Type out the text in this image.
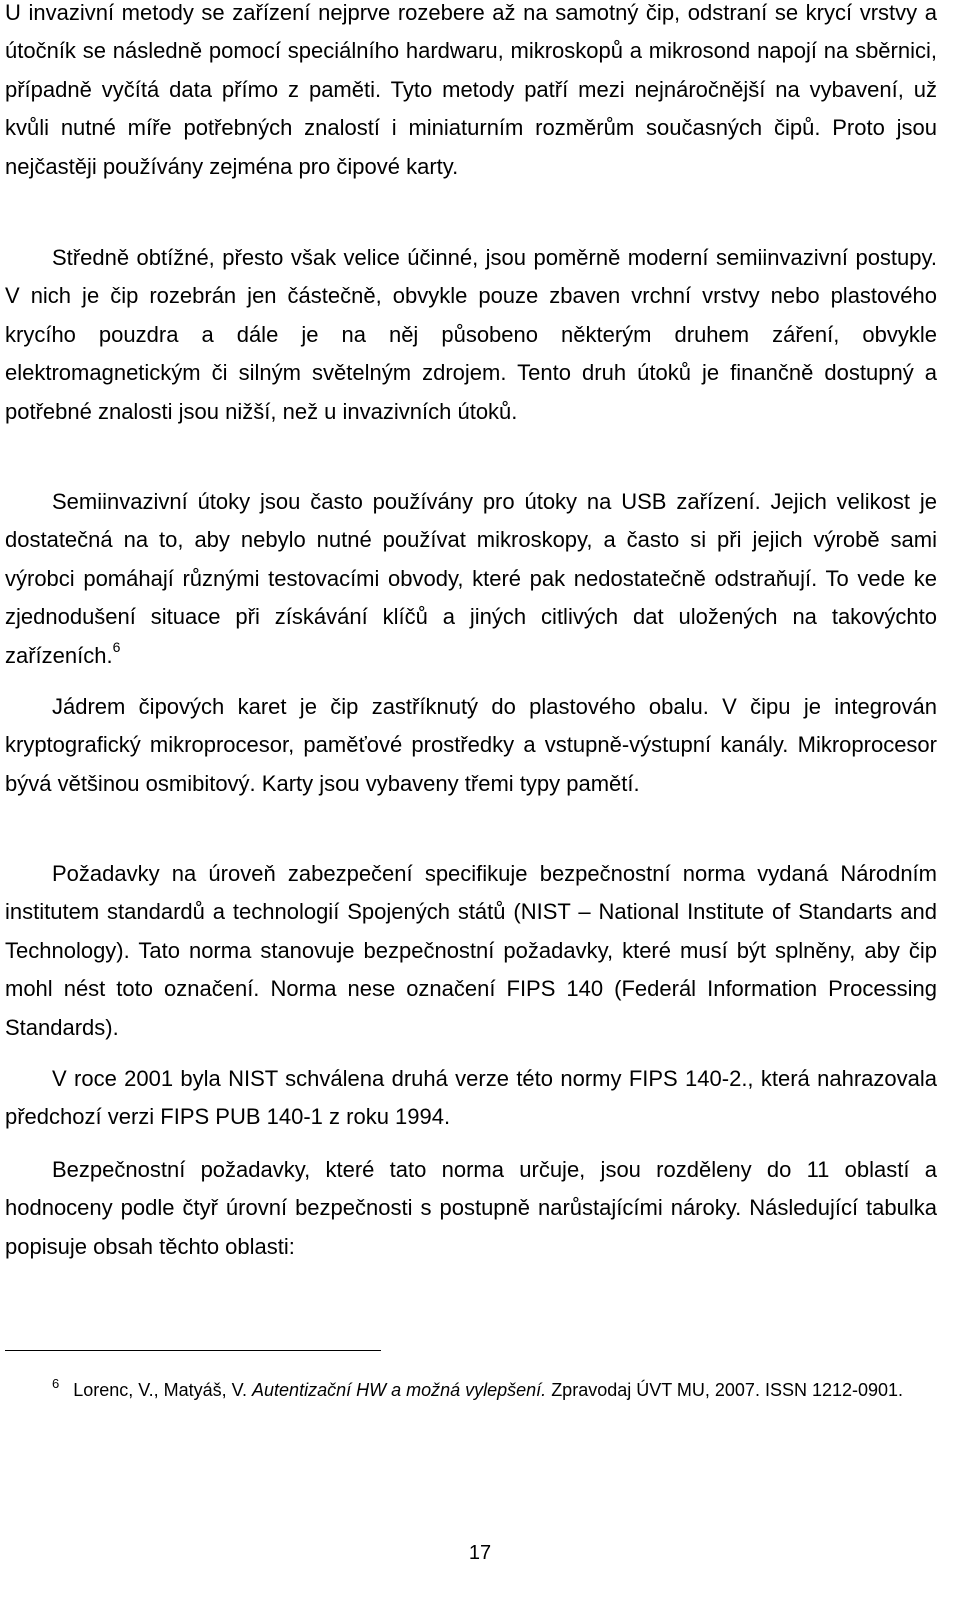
U invazivní metody se zařízení nejprve rozebere až na samotný čip, odstraní se krycí vrstvy a útočník se následně pomocí speciálního hardwaru, mikroskopů a mikrosond napojí na sběrnici, případně vyčítá data přímo z paměti. Tyto metody patří mezi nejnáročnější na vybavení, už kvůli nutné míře potřebných znalostí i miniaturním rozměrům současných čipů. Proto jsou nejčastěji používány zejména pro čipové karty.

Středně obtížné, přesto však velice účinné, jsou poměrně moderní semiinvazivní postupy. V nich je čip rozebrán jen částečně, obvykle pouze zbaven vrchní vrstvy nebo plastového krycího pouzdra a dále je na něj působeno některým druhem záření, obvykle elektromagnetickým či silným světelným zdrojem. Tento druh útoků je finančně dostupný a potřebné znalosti jsou nižší, než u invazivních útoků.

Semiinvazivní útoky jsou často používány pro útoky na USB zařízení. Jejich velikost je dostatečná na to, aby nebylo nutné používat mikroskopy, a často si při jejich výrobě sami výrobci pomáhají různými testovacími obvody, které pak nedostatečně odstraňují. To vede ke zjednodušení situace při získávání klíčů a jiných citlivých dat uložených na takovýchto zařízeních.$^6$

Jádrem čipových karet je čip zastříknutý do plastového obalu. V čipu je integrován kryptografický mikroprocesor, paměťové prostředky a vstupně-výstupní kanály. Mikroprocesor bývá většinou osmibitový. Karty jsou vybaveny třemi typy pamětí.

Požadavky na úroveň zabezpečení specifikuje bezpečnostní norma vydaná Národním institutem standardů a technologií Spojených států (NIST – National Institute of Standarts and Technology). Tato norma stanovuje bezpečnostní požadavky, které musí být splněny, aby čip mohl nést toto označení. Norma nese označení FIPS 140 (Federál Information Processing Standards).

V roce 2001 byla NIST schválena druhá verze této normy FIPS 140-2., která nahrazovala předchozí verzi FIPS PUB 140-1 z roku 1994.

Bezpečnostní požadavky, které tato norma určuje, jsou rozděleny do 11 oblastí a hodnoceny podle čtyř úrovní bezpečnosti s postupně narůstajícími nároky. Následující tabulka popisuje obsah těchto oblasti:

$^6$ Lorenc, V., Matyáš, V. Autentizační HW a možná vylepšení. Zpravodaj ÚVT MU, 2007. ISSN 1212-0901.

17
